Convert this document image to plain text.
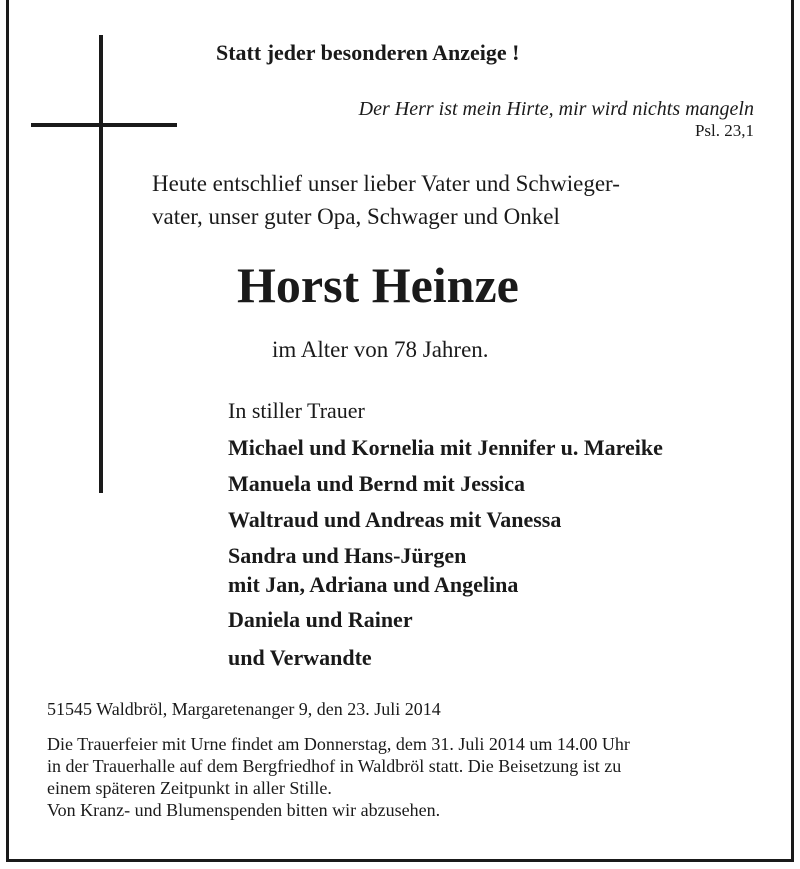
Statt jeder besonderen Anzeige !
Der Herr ist mein Hirte, mir wird nichts mangeln
Psl. 23,1
Heute entschlief unser lieber Vater und Schwieger-
vater, unser guter Opa, Schwager und Onkel
Horst Heinze
im Alter von 78 Jahren.
In stiller Trauer
Michael und Kornelia mit Jennifer u. Mareike
Manuela und Bernd mit Jessica
Waltraud und Andreas mit Vanessa
Sandra und Hans-Jürgen
mit Jan, Adriana und Angelina
Daniela und Rainer
und Verwandte
51545 Waldbröl, Margaretenanger 9, den 23. Juli 2014
Die Trauerfeier mit Urne findet am Donnerstag, dem 31. Juli 2014 um 14.00 Uhr
in der Trauerhalle auf dem Bergfriedhof in Waldbröl statt. Die Beisetzung ist zu
einem späteren Zeitpunkt in aller Stille.
Von Kranz- und Blumenspenden bitten wir abzusehen.
